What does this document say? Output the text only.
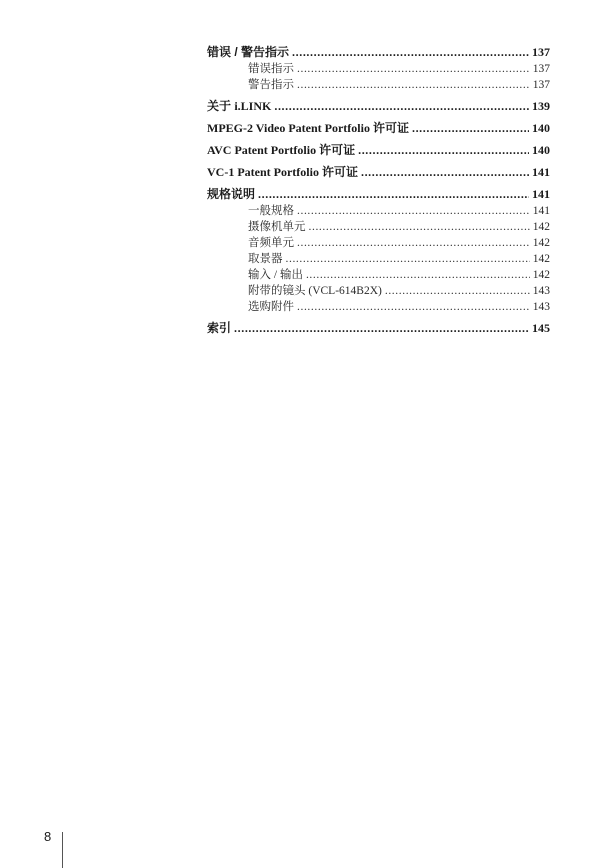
错误 / 警告指示 .....	137
错误指示 .....	137
警告指示 .....	137
关于 i.LINK .....	139
MPEG-2 Video Patent Portfolio 许可证 .....	140
AVC Patent Portfolio 许可证 .....	140
VC-1 Patent Portfolio 许可证 .....	141
规格说明 .....	141
一般规格 .....	141
摄像机单元 .....	142
音频单元 .....	142
取景器 .....	142
输入 / 输出 .....	142
附带的镜头 (VCL-614B2X) .....	143
选购附件 .....	143
索引 .....	145
8
